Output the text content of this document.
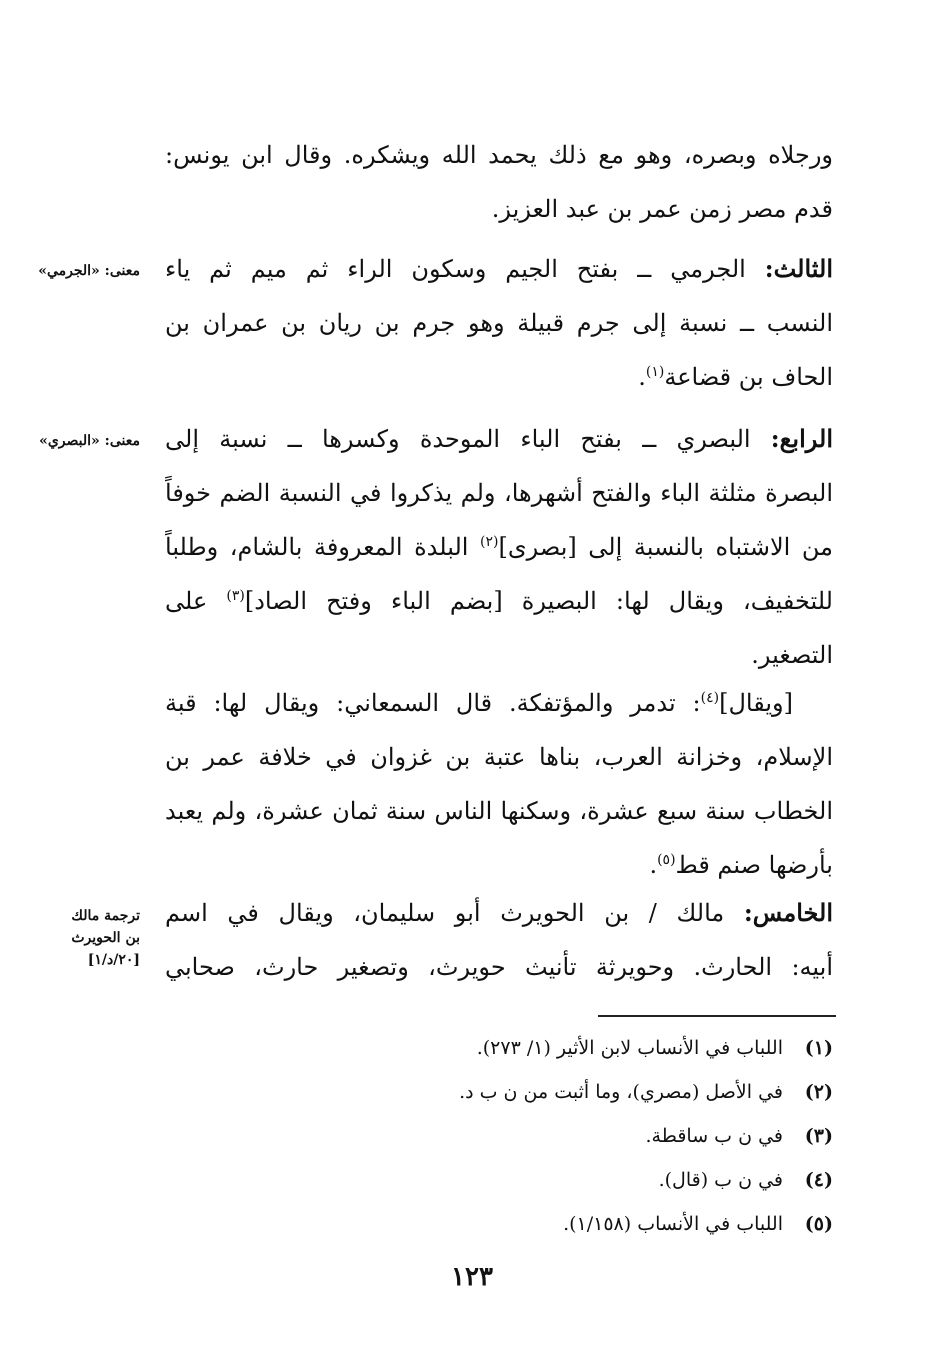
ورجلاه وبصره، وهو مع ذلك يحمد الله ويشكره. وقال ابن يونس:
قدم مصر زمن عمر بن عبد العزيز.
الثالث: الجرمي ــ بفتح الجيم وسكون الراء ثم ميم ثم ياء
النسب ــ نسبة إلى جرم قبيلة وهو جرم بن ريان بن عمران بن
الحاف بن قضاعة$^{(١)}$.
الرابع: البصري ــ بفتح الباء الموحدة وكسرها ــ نسبة إلى
البصرة مثلثة الباء والفتح أشهرها، ولم يذكروا في النسبة الضم خوفاً
من الاشتباه بالنسبة إلى [بصرى]$^{(٢)}$ البلدة المعروفة بالشام، وطلباً
للتخفيف، ويقال لها: البصيرة [بضم الباء وفتح الصاد]$^{(٣)}$ على
التصغير.
[ويقال]$^{(٤)}$: تدمر والمؤتفكة. قال السمعاني: ويقال لها: قبة
الإسلام، وخزانة العرب، بناها عتبة بن غزوان في خلافة عمر بن
الخطاب سنة سبع عشرة، وسكنها الناس سنة ثمان عشرة، ولم يعبد
بأرضها صنم قط$^{(٥)}$.
الخامس: مالك / بن الحويرث أبو سليمان، ويقال في اسم
أبيه: الحارث. وحويرثة تأنيث حويرث، وتصغير حارث، صحابي
معنى: «الجرمي»
معنى: «البصري»
ترجمة مالك
بن الحويرث
[٢٠/د/١]
(١)
اللباب في الأنساب لابن الأثير (١/ ٢٧٣).
(٢)
في الأصل (مصري)، وما أثبت من ن ب د.
(٣)
في ن ب ساقطة.
(٤)
في ن ب (قال).
(٥)
اللباب في الأنساب (١/١٥٨).
١٢٣
